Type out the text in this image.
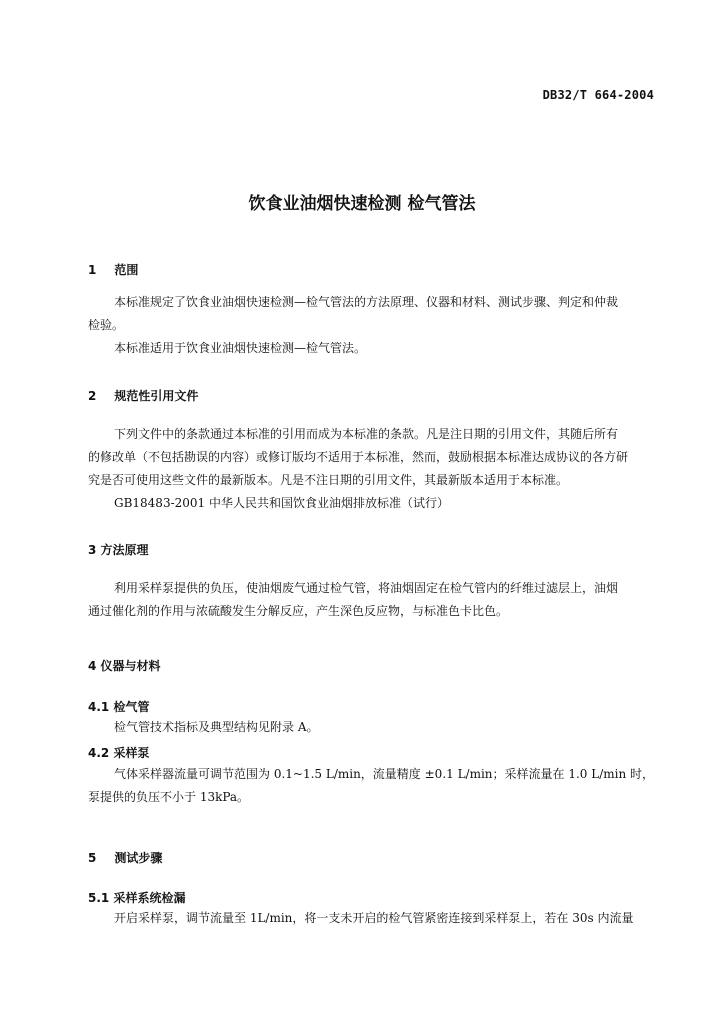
DB32/T 664-2004
饮食业油烟快速检测 检气管法
1 范围
本标准规定了饮食业油烟快速检测—检气管法的方法原理、仪器和材料、测试步骤、判定和仲裁
检验。
本标准适用于饮食业油烟快速检测—检气管法。
2 规范性引用文件
下列文件中的条款通过本标准的引用而成为本标准的条款。凡是注日期的引用文件，其随后所有
的修改单（不包括勘误的内容）或修订版均不适用于本标准，然而，鼓励根据本标准达成协议的各方研
究是否可使用这些文件的最新版本。凡是不注日期的引用文件，其最新版本适用于本标准。
GB18483-2001 中华人民共和国饮食业油烟排放标准（试行）
3 方法原理
利用采样泵提供的负压，使油烟废气通过检气管，将油烟固定在检气管内的纤维过滤层上，油烟
通过催化剂的作用与浓硫酸发生分解反应，产生深色反应物，与标准色卡比色。
4 仪器与材料
4.1 检气管
检气管技术指标及典型结构见附录 A。
4.2 采样泵
气体采样器流量可调节范围为 0.1~1.5 L/min，流量精度 ±0.1 L/min；采样流量在 1.0 L/min 时，
泵提供的负压不小于 13kPa。
5 测试步骤
5.1 采样系统检漏
开启采样泵，调节流量至 1L/min，将一支未开启的检气管紧密连接到采样泵上，若在 30s 内流量
